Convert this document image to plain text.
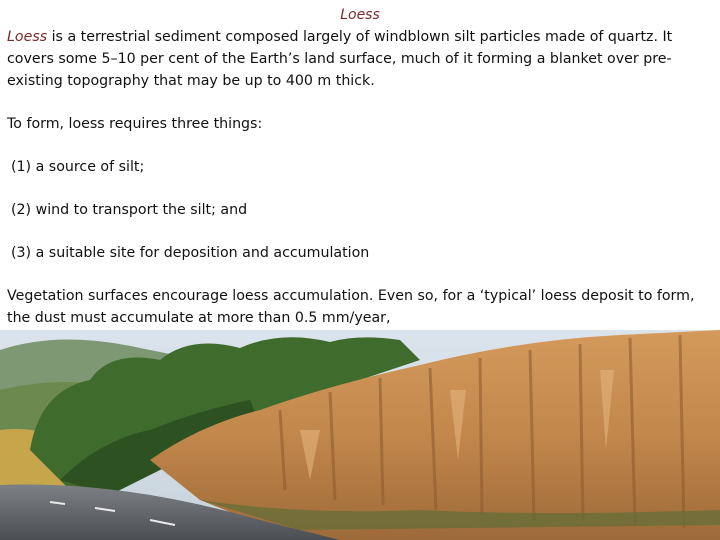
Loess

Loess is a terrestrial sediment composed largely of windblown silt particles made of quartz. It covers some 5–10 per cent of the Earth’s land surface, much of it forming a blanket over pre-existing topography that may be up to 400 m thick.

To form, loess requires three things:

(1) a source of silt;

(2) wind to transport the silt; and

(3) a suitable site for deposition and accumulation

Vegetation surfaces encourage loess accumulation. Even so, for a ‘typical’ loess deposit to form, the dust must accumulate at more than 0.5 mm/year,
